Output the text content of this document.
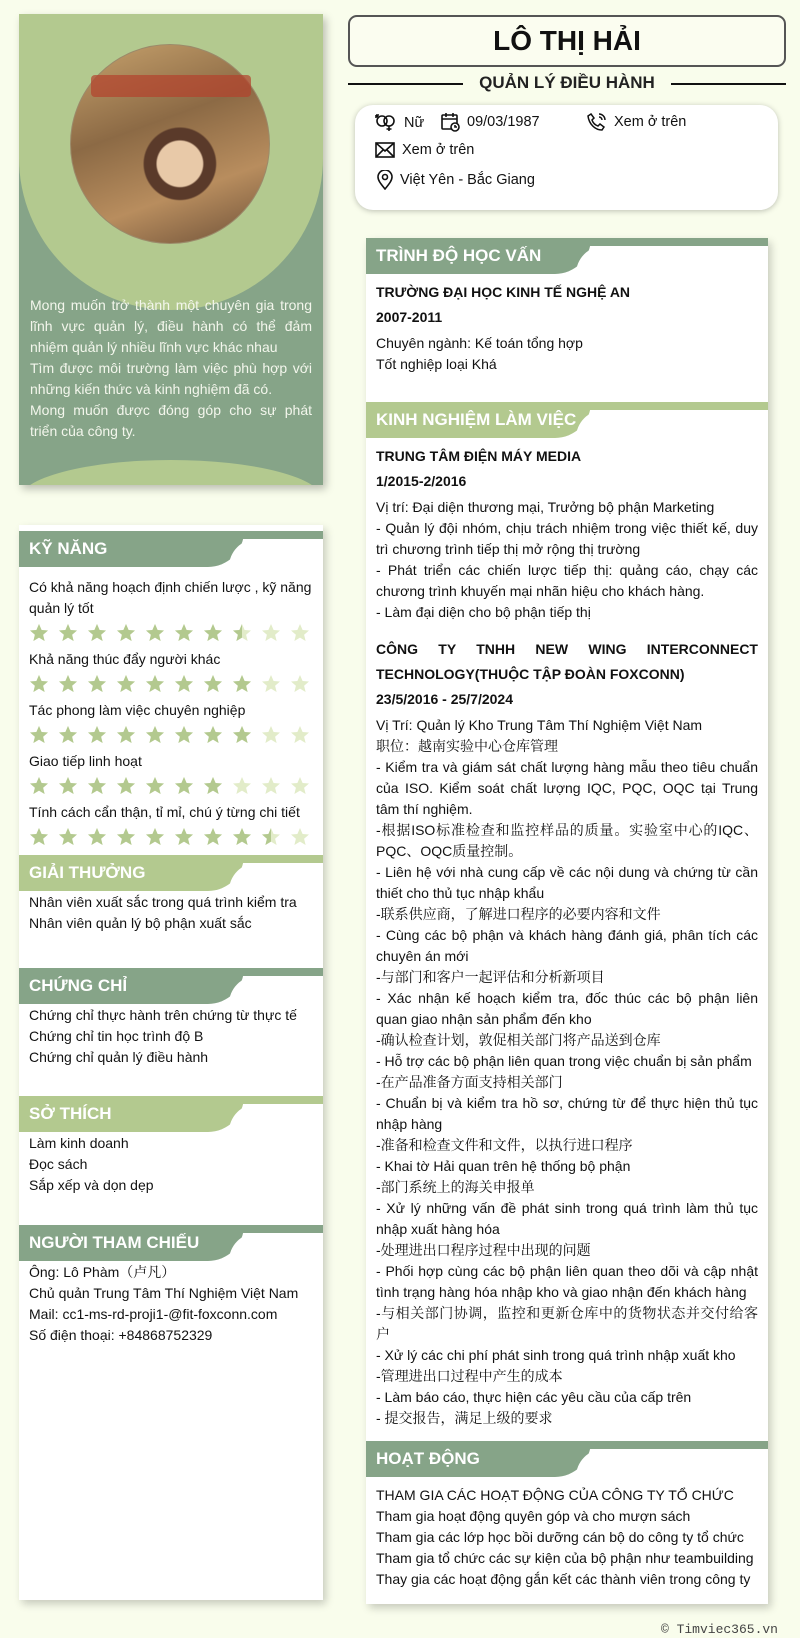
Mong muốn trở thành một chuyên gia trong lĩnh vực quản lý, điều hành có thể đảm nhiệm quản lý nhiều lĩnh vực khác nhau
Tìm được môi trường làm việc phù hợp với những kiến thức và kinh nghiệm đã có.
Mong muốn được đóng góp cho sự phát triển của công ty.
LÔ THỊ HẢI
QUẢN LÝ ĐIỀU HÀNH
Nữ	09/03/1987	Xem ở trên
Xem ở trên
Việt Yên - Bắc Giang
KỸ NĂNG
Có khả năng hoạch định chiến lược , kỹ năng quản lý tốt
Khả năng thúc đẩy người khác
Tác phong làm việc chuyên nghiệp
Giao tiếp linh hoạt
Tính cách cẩn thận, tỉ mỉ, chú ý từng chi tiết
GIẢI THƯỞNG
Nhân viên xuất sắc trong quá trình kiểm tra
Nhân viên quản lý bộ phận xuất sắc
CHỨNG CHỈ
Chứng chỉ thực hành trên chứng từ thực tế
Chứng chỉ tin học trình độ B
Chứng chỉ quản lý điều hành
SỞ THÍCH
Làm kinh doanh
Đọc sách
Sắp xếp và dọn dẹp
NGƯỜI THAM CHIẾU
Ông: Lô Phàm（卢凡）
Chủ quản Trung Tâm Thí Nghiệm Việt Nam
Mail: cc1-ms-rd-proji1-@fit-foxconn.com
Số điện thoại: +84868752329
TRÌNH ĐỘ HỌC VẤN
TRƯỜNG ĐẠI HỌC KINH TẾ NGHỆ AN
2007-2011
Chuyên ngành: Kế toán tổng hợp
Tốt nghiệp loại Khá
KINH NGHIỆM LÀM VIỆC
TRUNG TÂM ĐIỆN MÁY MEDIA
1/2015-2/2016
Vị trí: Đại diện thương mại, Trưởng bộ phận Marketing
- Quản lý đội nhóm, chịu trách nhiệm trong việc thiết kế, duy trì chương trình tiếp thị mở rộng thị trường
- Phát triển các chiến lược tiếp thị: quảng cáo, chạy các chương trình khuyến mại nhãn hiệu cho khách hàng.
- Làm đại diện cho bộ phận tiếp thị
CÔNG TY TNHH NEW WING INTERCONNECT TECHNOLOGY(THUỘC TẬP ĐOÀN FOXCONN)
23/5/2016 - 25/7/2024
Vị Trí: Quản lý Kho Trung Tâm Thí Nghiệm Việt Nam
职位：越南实验中心仓库管理
- Kiểm tra và giám sát chất lượng hàng mẫu theo tiêu chuẩn của ISO. Kiểm soát chất lượng IQC, PQC, OQC tại Trung tâm thí nghiệm.
-根据ISO标准检查和监控样品的质量。实验室中心的IQC、PQC、OQC质量控制。
- Liên hệ với nhà cung cấp về các nội dung và chứng từ cần thiết cho thủ tục nhập khẩu
-联系供应商，了解进口程序的必要内容和文件
- Cùng các bộ phận và khách hàng đánh giá, phân tích các chuyên án mới
-与部门和客户一起评估和分析新项目
- Xác nhận kế hoạch kiểm tra, đốc thúc các bộ phận liên quan giao nhận sản phẩm đến kho
-确认检查计划，敦促相关部门将产品送到仓库
- Hỗ trợ các bộ phận liên quan trong việc chuẩn bị sản phẩm
-在产品准备方面支持相关部门
- Chuẩn bị và kiểm tra hồ sơ, chứng từ để thực hiện thủ tục nhập hàng
-准备和检查文件和文件，以执行进口程序
- Khai tờ Hải quan trên hệ thống bộ phận
-部门系统上的海关申报单
- Xử lý những vấn đề phát sinh trong quá trình làm thủ tục nhập xuất hàng hóa
-处理进出口程序过程中出现的问题
- Phối hợp cùng các bộ phận liên quan theo dõi và cập nhật tình trạng hàng hóa nhập kho và giao nhận đến khách hàng
-与相关部门协调，监控和更新仓库中的货物状态并交付给客户
- Xử lý các chi phí phát sinh trong quá trình nhập xuất kho
-管理进出口过程中产生的成本
- Làm báo cáo, thực hiện các yêu cầu của cấp trên
- 提交报告，满足上级的要求
HOẠT ĐỘNG
THAM GIA CÁC HOẠT ĐỘNG CỦA CÔNG TY TỔ CHỨC
Tham gia hoạt động quyên góp và cho mượn sách
Tham gia các lớp học bồi dưỡng cán bộ do công ty tổ chức
Tham gia tổ chức các sự kiện của bộ phận như teambuilding
Thay gia các hoạt động gắn kết các thành viên trong công ty
© Timviec365.vn
